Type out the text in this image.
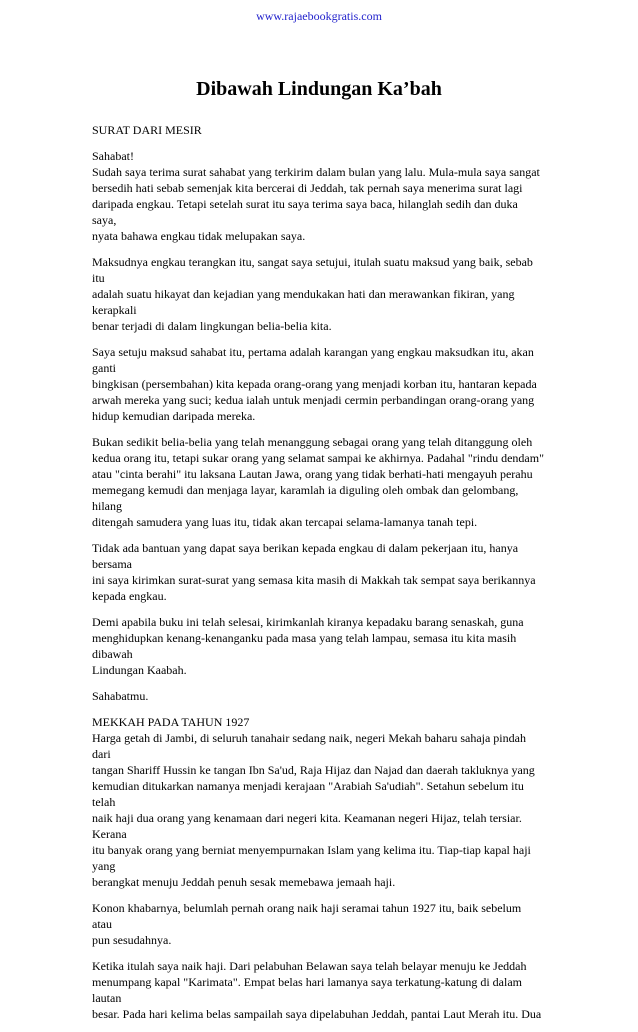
www.rajaebookgratis.com
Dibawah Lindungan Ka’bah

SURAT DARI MESIR

Sahabat!
Sudah saya terima surat sahabat yang terkirim dalam bulan yang lalu. Mula-mula saya sangat
bersedih hati sebab semenjak kita bercerai di Jeddah, tak pernah saya menerima surat lagi
daripada engkau. Tetapi setelah surat itu saya terima saya baca, hilanglah sedih dan duka saya,
nyata bahawa engkau tidak melupakan saya.

Maksudnya engkau terangkan itu, sangat saya setujui, itulah suatu maksud yang baik, sebab itu
adalah suatu hikayat dan kejadian yang mendukakan hati dan merawankan fikiran, yang kerapkali
benar terjadi di dalam lingkungan belia-belia kita.

Saya setuju maksud sahabat itu, pertama adalah karangan yang engkau maksudkan itu, akan ganti
bingkisan (persembahan) kita kepada orang-orang yang menjadi korban itu, hantaran kepada
arwah mereka yang suci; kedua ialah untuk menjadi cermin perbandingan orang-orang yang
hidup kemudian daripada mereka.

Bukan sedikit belia-belia yang telah menanggung sebagai orang yang telah ditanggung oleh
kedua orang itu, tetapi sukar orang yang selamat sampai ke akhirnya. Padahal "rindu dendam"
atau "cinta berahi" itu laksana Lautan Jawa, orang yang tidak berhati-hati mengayuh perahu
memegang kemudi dan menjaga layar, karamlah ia diguling oleh ombak dan gelombang, hilang
ditengah samudera yang luas itu, tidak akan tercapai selama-lamanya tanah tepi.

Tidak ada bantuan yang dapat saya berikan kepada engkau di dalam pekerjaan itu, hanya bersama
ini saya kirimkan surat-surat yang semasa kita masih di Makkah tak sempat saya berikannya
kepada engkau.

Demi apabila buku ini telah selesai, kirimkanlah kiranya kepadaku barang senaskah, guna
menghidupkan kenang-kenanganku pada masa yang telah lampau, semasa itu kita masih dibawah
Lindungan Kaabah.

Sahabatmu.

MEKKAH PADA TAHUN 1927

Harga getah di Jambi, di seluruh tanahair sedang naik, negeri Mekah baharu sahaja pindah dari
tangan Shariff Hussin ke tangan Ibn Sa'ud, Raja Hijaz dan Najad dan daerah takluknya yang
kemudian ditukarkan namanya menjadi kerajaan "Arabiah Sa'udiah". Setahun sebelum itu telah
naik haji dua orang yang kenamaan dari negeri kita. Keamanan negeri Hijaz, telah tersiar. Kerana
itu banyak orang yang berniat menyempurnakan Islam yang kelima itu. Tiap-tiap kapal haji yang
berangkat menuju Jeddah penuh sesak memebawa jemaah haji.

Konon khabarnya, belumlah pernah orang naik haji seramai tahun 1927 itu, baik sebelum atau
pun sesudahnya.

Ketika itulah saya naik haji. Dari pelabuhan Belawan saya telah belayar menuju ke Jeddah
menumpang kapal "Karimata". Empat belas hari lamanya saya terkatung-katung di dalam lautan
besar. Pada hari kelima belas sampailah saya dipelabuhan Jeddah, pantai Laut Merah itu. Dua
